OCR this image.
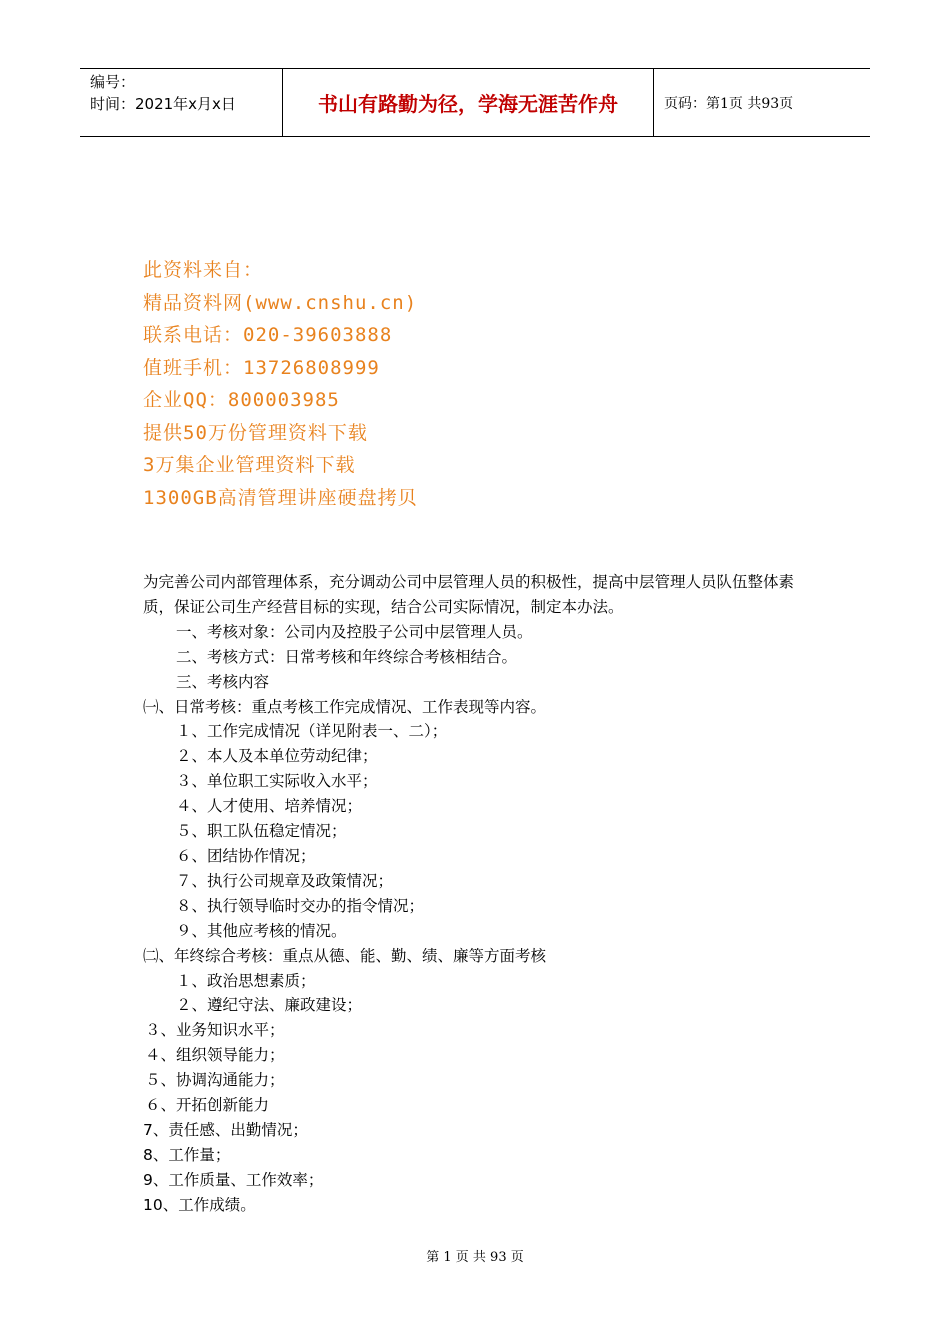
编号：
时间：2021年x月x日	书山有路勤为径，学海无涯苦作舟	页码：第1页 共93页
此资料来自：
精品资料网(www.cnshu.cn)
联系电话：020-39603888
值班手机：13726808999
企业QQ：800003985
提供50万份管理资料下载
3万集企业管理资料下载
1300GB高清管理讲座硬盘拷贝
为完善公司内部管理体系，充分调动公司中层管理人员的积极性，提高中层管理人员队伍整体素质，保证公司生产经营目标的实现，结合公司实际情况，制定本办法。
一、考核对象：公司内及控股子公司中层管理人员。
二、考核方式：日常考核和年终综合考核相结合。
三、考核内容
㈠、日常考核：重点考核工作完成情况、工作表现等内容。
１、工作完成情况（详见附表一、二）；
２、本人及本单位劳动纪律；
３、单位职工实际收入水平；
４、人才使用、培养情况；
５、职工队伍稳定情况；
６、团结协作情况；
７、执行公司规章及政策情况；
８、执行领导临时交办的指令情况；
９、其他应考核的情况。
㈡、年终综合考核：重点从德、能、勤、绩、廉等方面考核
１、政治思想素质；
２、遵纪守法、廉政建设；
３、业务知识水平；
４、组织领导能力；
５、协调沟通能力；
６、开拓创新能力
7、责任感、出勤情况；
8、工作量；
9、工作质量、工作效率；
10、工作成绩。
第 1 页 共 93 页
